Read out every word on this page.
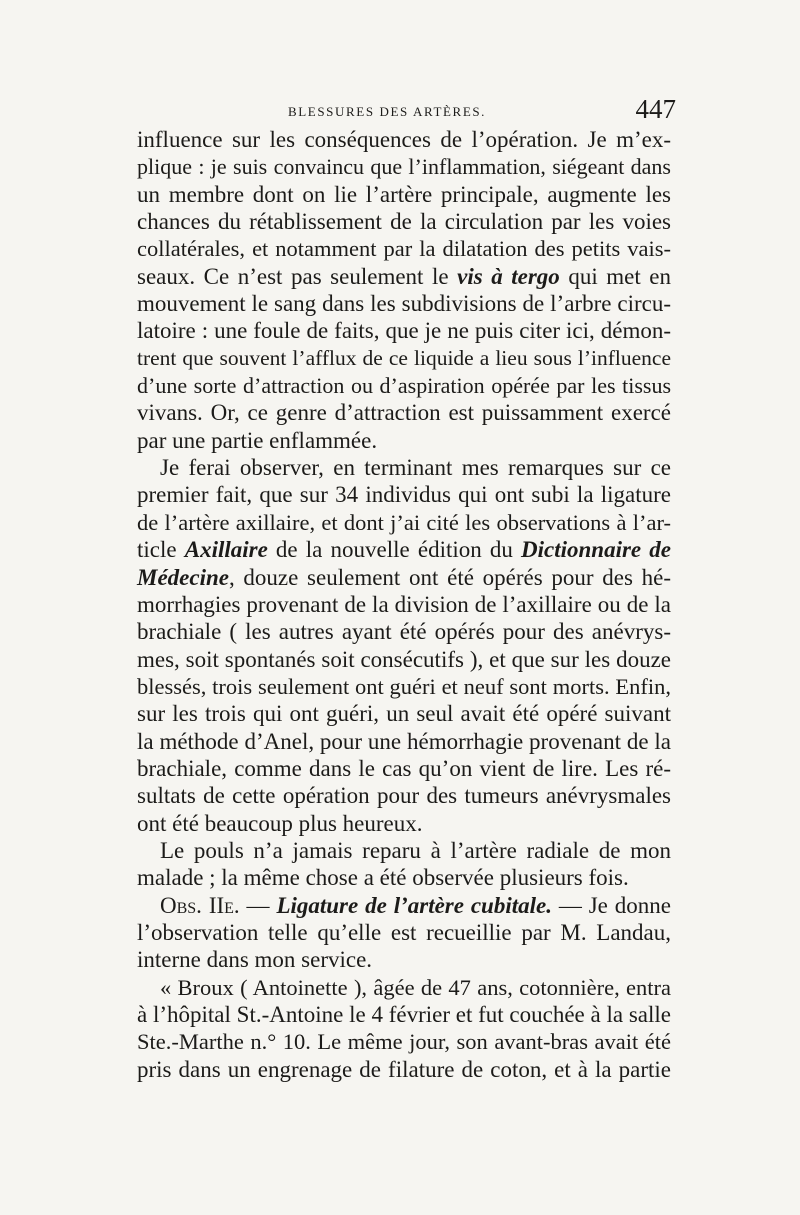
BLESSURES DES ARTÈRES.	447
influence sur les conséquences de l’opération. Je m’ex-
plique : je suis convaincu que l’inflammation, siégeant dans
un membre dont on lie l’artère principale, augmente les
chances du rétablissement de la circulation par les voies
collatérales, et notamment par la dilatation des petits vais-
seaux. Ce n’est pas seulement le vis à tergo qui met en
mouvement le sang dans les subdivisions de l’arbre circu-
latoire : une foule de faits, que je ne puis citer ici, démon-
trent que souvent l’afflux de ce liquide a lieu sous l’influence
d’une sorte d’attraction ou d’aspiration opérée par les tissus
vivans. Or, ce genre d’attraction est puissamment exercé
par une partie enflammée.
Je ferai observer, en terminant mes remarques sur ce
premier fait, que sur 34 individus qui ont subi la ligature
de l’artère axillaire, et dont j’ai cité les observations à l’ar-
ticle Axillaire de la nouvelle édition du Dictionnaire de
Médecine, douze seulement ont été opérés pour des hé-
morrhagies provenant de la division de l’axillaire ou de la
brachiale ( les autres ayant été opérés pour des anévrys-
mes, soit spontanés soit consécutifs ), et que sur les douze
blessés, trois seulement ont guéri et neuf sont morts. Enfin,
sur les trois qui ont guéri, un seul avait été opéré suivant
la méthode d’Anel, pour une hémorrhagie provenant de la
brachiale, comme dans le cas qu’on vient de lire. Les ré-
sultats de cette opération pour des tumeurs anévrysmales
ont été beaucoup plus heureux.
Le pouls n’a jamais reparu à l’artère radiale de mon
malade ; la même chose a été observée plusieurs fois.
Obs. IIe. — Ligature de l’artère cubitale. — Je donne
l’observation telle qu’elle est recueillie par M. Landau,
interne dans mon service.
« Broux ( Antoinette ), âgée de 47 ans, cotonnière, entra
à l’hôpital St.-Antoine le 4 février et fut couchée à la salle
Ste.-Marthe n.° 10. Le même jour, son avant-bras avait été
pris dans un engrenage de filature de coton, et à la partie
